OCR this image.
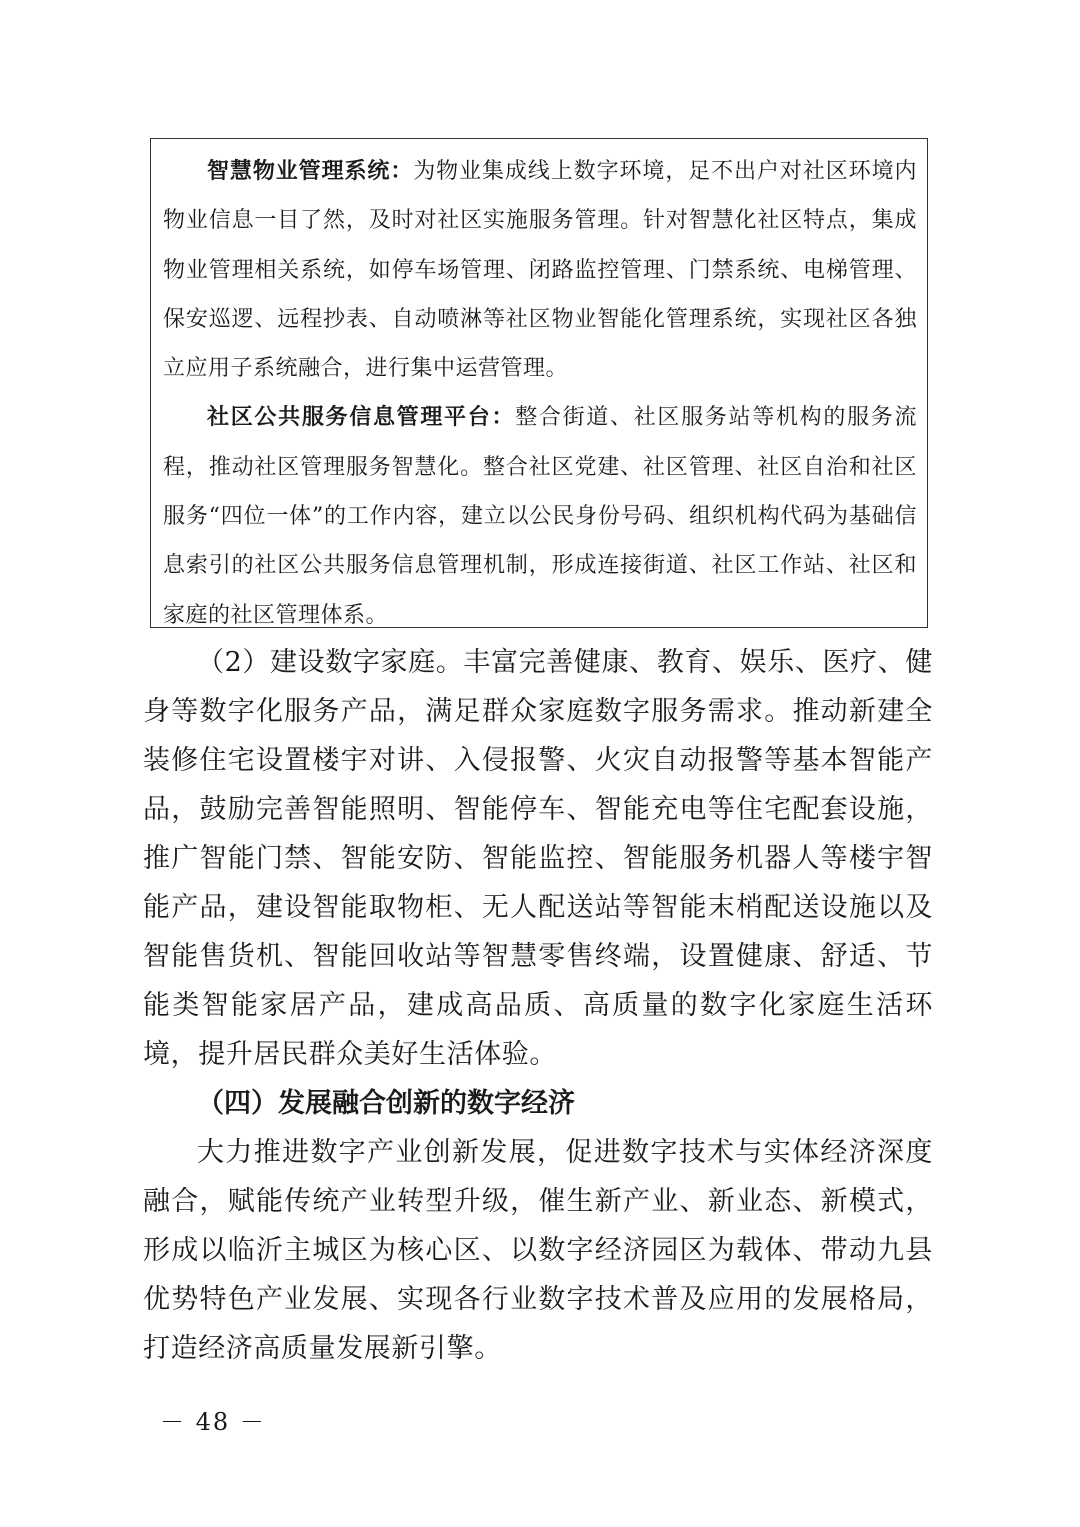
智慧物业管理系统：为物业集成线上数字环境，足不出户对社区环境内物业信息一目了然，及时对社区实施服务管理。针对智慧化社区特点，集成物业管理相关系统，如停车场管理、闭路监控管理、门禁系统、电梯管理、保安巡逻、远程抄表、自动喷淋等社区物业智能化管理系统，实现社区各独立应用子系统融合，进行集中运营管理。

社区公共服务信息管理平台：整合街道、社区服务站等机构的服务流程，推动社区管理服务智慧化。整合社区党建、社区管理、社区自治和社区服务“四位一体”的工作内容，建立以公民身份号码、组织机构代码为基础信息索引的社区公共服务信息管理机制，形成连接街道、社区工作站、社区和家庭的社区管理体系。

（2）建设数字家庭。丰富完善健康、教育、娱乐、医疗、健身等数字化服务产品，满足群众家庭数字服务需求。推动新建全装修住宅设置楼宇对讲、入侵报警、火灾自动报警等基本智能产品，鼓励完善智能照明、智能停车、智能充电等住宅配套设施，推广智能门禁、智能安防、智能监控、智能服务机器人等楼宇智能产品，建设智能取物柜、无人配送站等智能末梢配送设施以及智能售货机、智能回收站等智慧零售终端，设置健康、舒适、节能类智能家居产品，建成高品质、高质量的数字化家庭生活环境，提升居民群众美好生活体验。

（四）发展融合创新的数字经济

大力推进数字产业创新发展，促进数字技术与实体经济深度融合，赋能传统产业转型升级，催生新产业、新业态、新模式，形成以临沂主城区为核心区、以数字经济园区为载体、带动九县优势特色产业发展、实现各行业数字技术普及应用的发展格局，打造经济高质量发展新引擎。

－ 48 －
